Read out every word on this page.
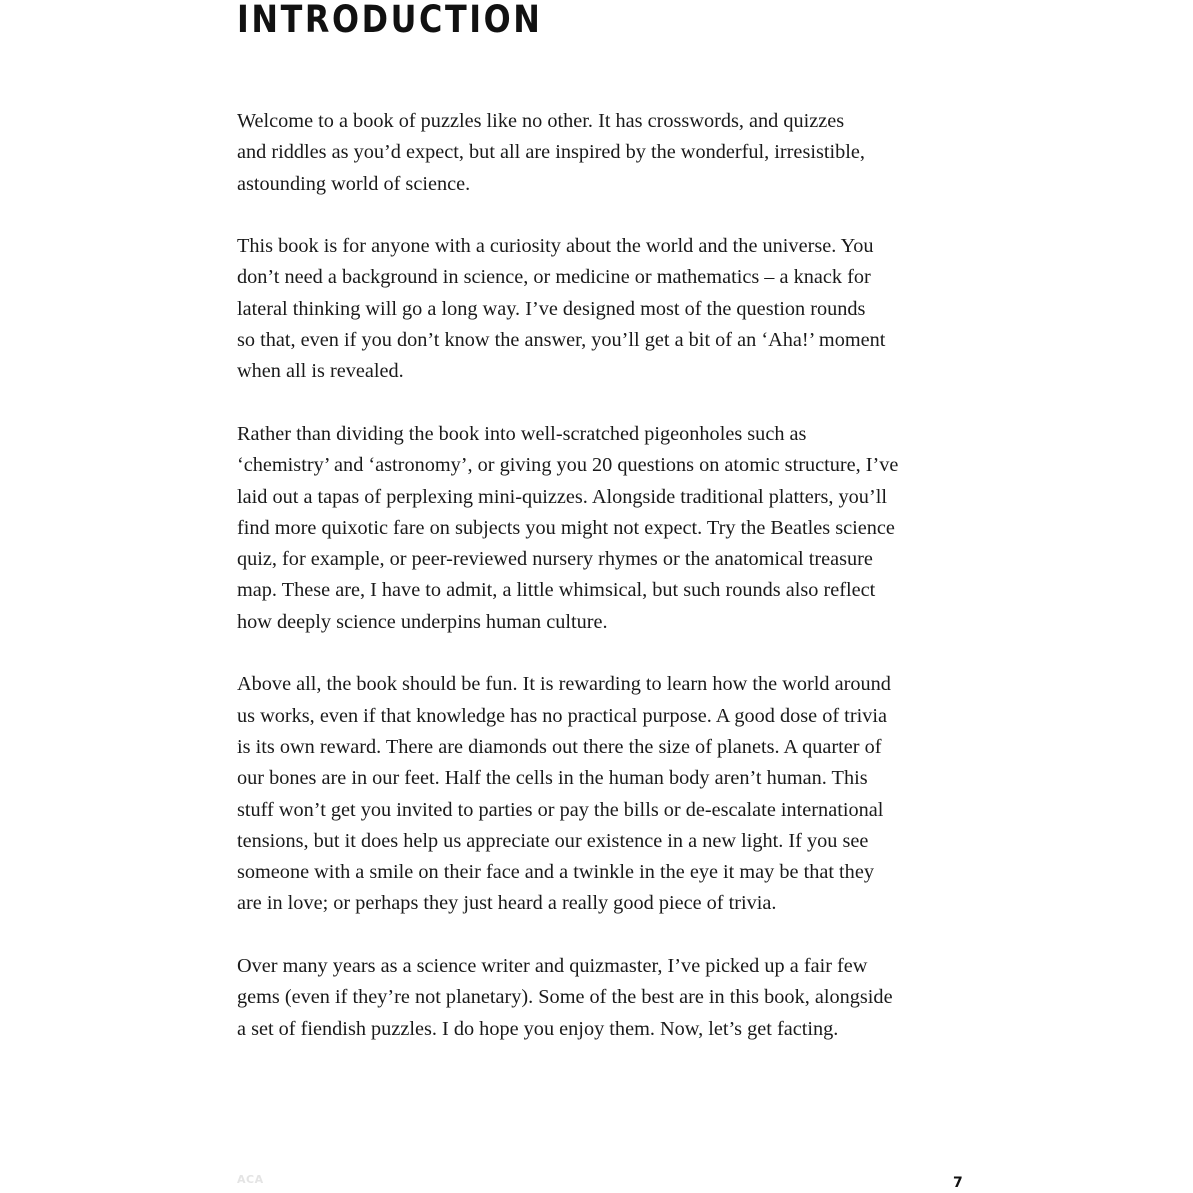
INTRODUCTION

Welcome to a book of puzzles like no other. It has crosswords, and quizzes
and riddles as you’d expect, but all are inspired by the wonderful, irresistible,
astounding world of science.

This book is for anyone with a curiosity about the world and the universe. You
don’t need a background in science, or medicine or mathematics – a knack for
lateral thinking will go a long way. I’ve designed most of the question rounds
so that, even if you don’t know the answer, you’ll get a bit of an ‘Aha!’ moment
when all is revealed.

Rather than dividing the book into well-scratched pigeonholes such as
‘chemistry’ and ‘astronomy’, or giving you 20 questions on atomic structure, I’ve
laid out a tapas of perplexing mini-quizzes. Alongside traditional platters, you’ll
find more quixotic fare on subjects you might not expect. Try the Beatles science
quiz, for example, or peer-reviewed nursery rhymes or the anatomical treasure
map. These are, I have to admit, a little whimsical, but such rounds also reflect
how deeply science underpins human culture.

Above all, the book should be fun. It is rewarding to learn how the world around
us works, even if that knowledge has no practical purpose. A good dose of trivia
is its own reward. There are diamonds out there the size of planets. A quarter of
our bones are in our feet. Half the cells in the human body aren’t human. This
stuff won’t get you invited to parties or pay the bills or de-escalate international
tensions, but it does help us appreciate our existence in a new light. If you see
someone with a smile on their face and a twinkle in the eye it may be that they
are in love; or perhaps they just heard a really good piece of trivia.

Over many years as a science writer and quizmaster, I’ve picked up a fair few
gems (even if they’re not planetary). Some of the best are in this book, alongside
a set of fiendish puzzles. I do hope you enjoy them. Now, let’s get facting.

ACA	7
